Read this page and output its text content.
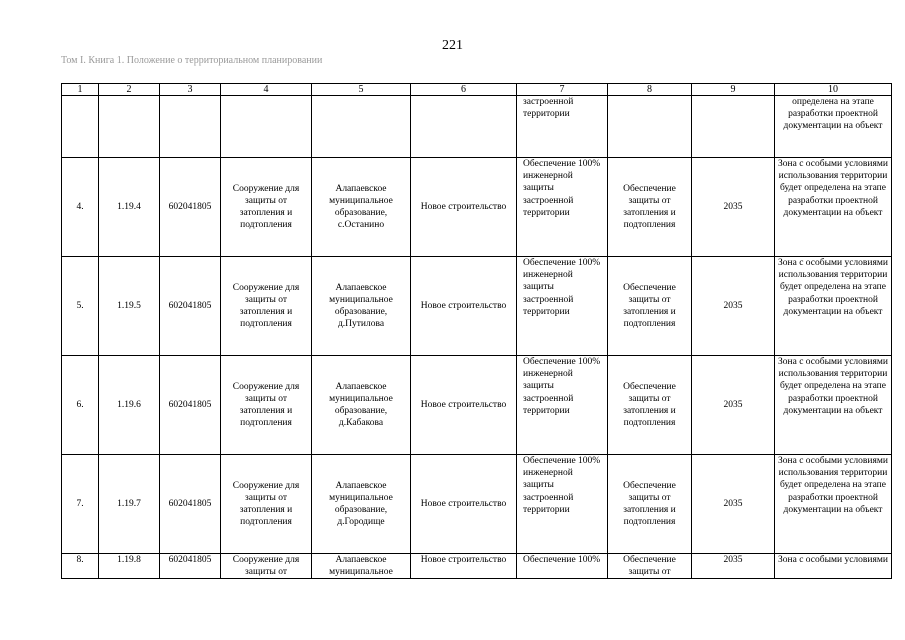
221
Том I. Книга 1. Положение о территориальном планировании
1	2	3	4	5	6	7	8	9	10
						застроенной территории			определена на этапе разработки проектной документации на объект
4.	1.19.4	602041805	Сооружение для защиты от затопления и подтопления	Алапаевское муниципальное образование, с.Останино	Новое строительство	Обеспечение 100% инженерной защиты застроенной территории	Обеспечение защиты от затопления и подтопления	2035	Зона с особыми условиями использования территории будет определена на этапе разработки проектной документации на объект
5.	1.19.5	602041805	Сооружение для защиты от затопления и подтопления	Алапаевское муниципальное образование, д.Путилова	Новое строительство	Обеспечение 100% инженерной защиты застроенной территории	Обеспечение защиты от затопления и подтопления	2035	Зона с особыми условиями использования территории будет определена на этапе разработки проектной документации на объект
6.	1.19.6	602041805	Сооружение для защиты от затопления и подтопления	Алапаевское муниципальное образование, д.Кабакова	Новое строительство	Обеспечение 100% инженерной защиты застроенной территории	Обеспечение защиты от затопления и подтопления	2035	Зона с особыми условиями использования территории будет определена на этапе разработки проектной документации на объект
7.	1.19.7	602041805	Сооружение для защиты от затопления и подтопления	Алапаевское муниципальное образование, д.Городище	Новое строительство	Обеспечение 100% инженерной защиты застроенной территории	Обеспечение защиты от затопления и подтопления	2035	Зона с особыми условиями использования территории будет определена на этапе разработки проектной документации на объект
8.	1.19.8	602041805	Сооружение для защиты от	Алапаевское муниципальное	Новое строительство	Обеспечение 100%	Обеспечение защиты от	2035	Зона с особыми условиями
